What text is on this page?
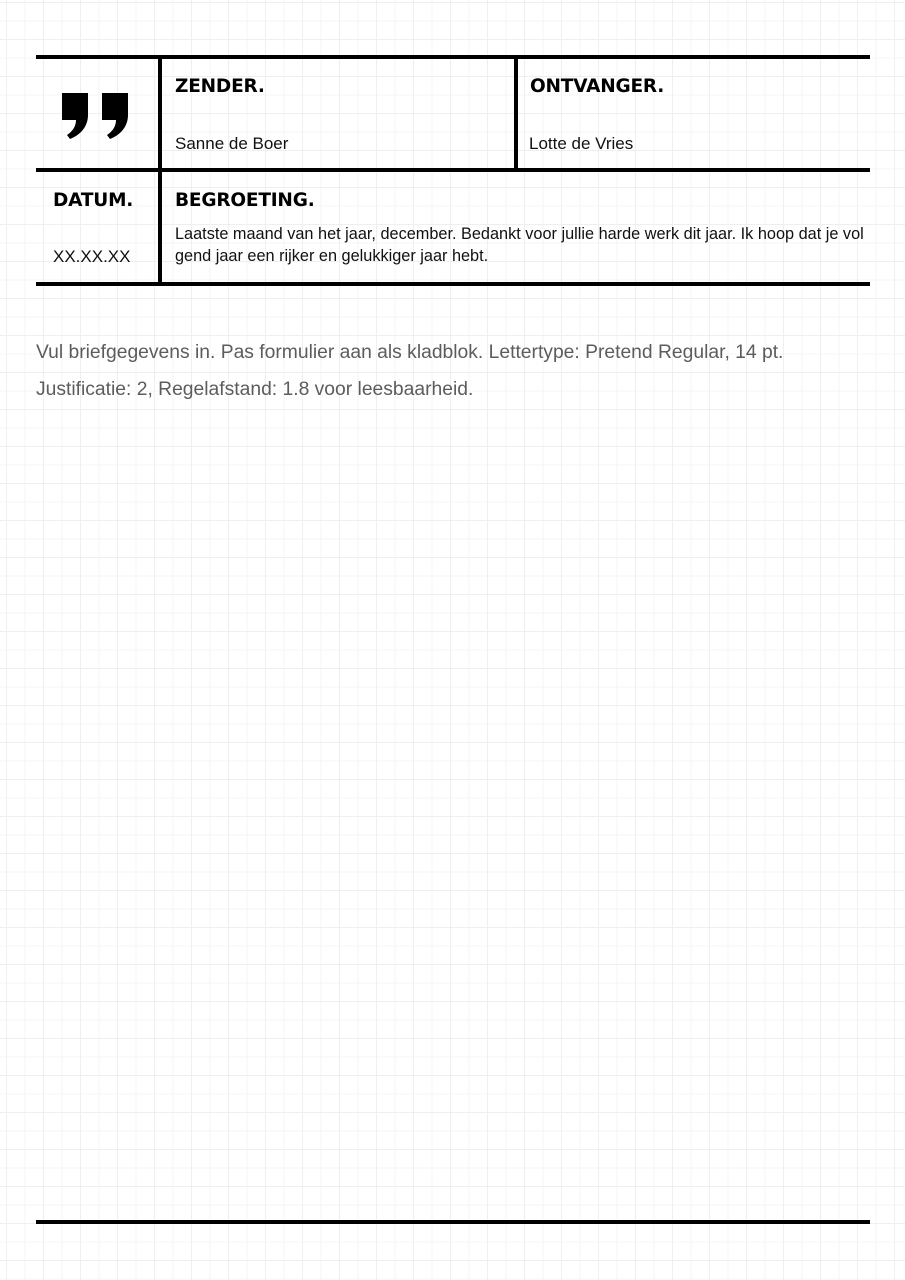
ZENDER.
Sanne de Boer
ONTVANGER.
Lotte de Vries
DATUM.
XX.XX.XX
BEGROETING.
Laatste maand van het jaar, december. Bedankt voor jullie harde werk dit jaar. Ik hoop dat je volgend jaar een rijker en gelukkiger jaar hebt.
Vul briefgegevens in. Pas formulier aan als kladblok. Lettertype: Pretend Regular, 14 pt. Justificatie: 2, Regelafstand: 1.8 voor leesbaarheid.
